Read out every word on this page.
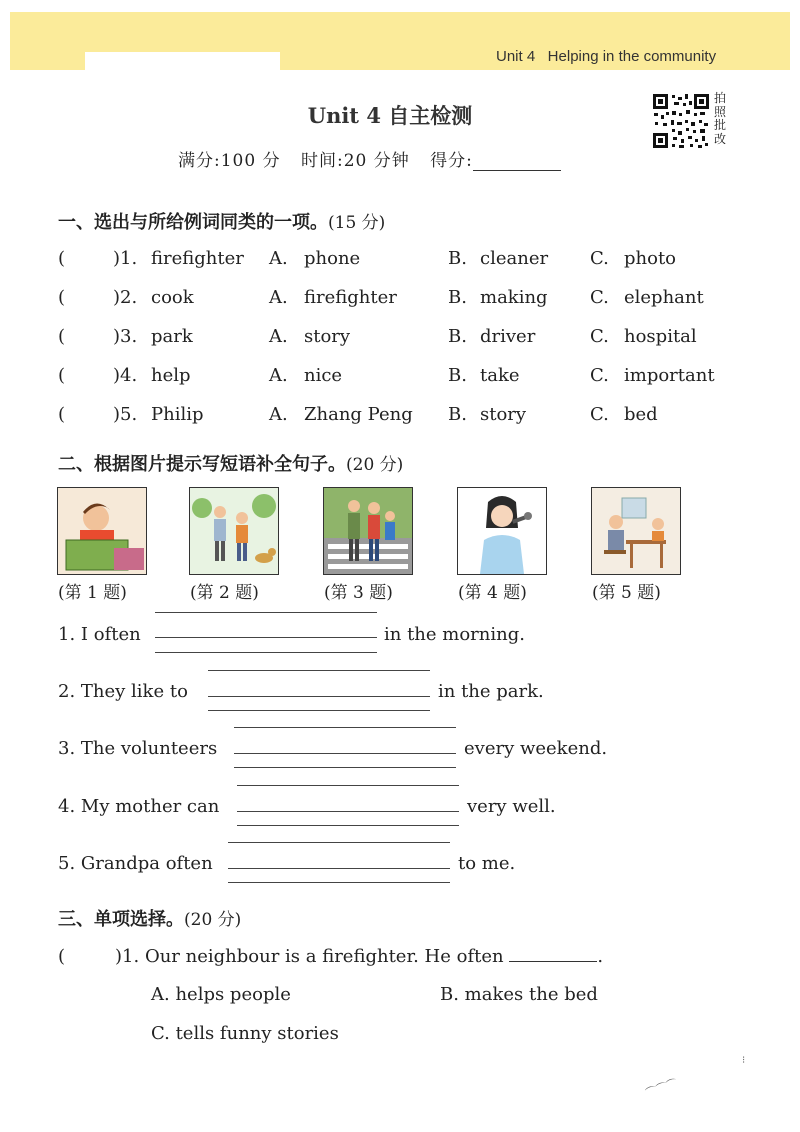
Unit 4   Helping in the community
Unit 4 自主检测
拍照批改
满分:100 分 时间:20 分钟 得分:
一、选出与所给例词同类的一项。(15 分)
(	)1. firefighter A. phone	B. cleaner C. photo
(	)2. cook	A. firefighter	B. making C. elephant
(	)3. park	A. story	B. driver	C. hospital
(	)4. help	A. nice	B. take	C. important
(	)5. Philip	A. Zhang Peng B. story	C. bed
二、根据图片提示写短语补全句子。(20 分)
(第 1 题)	(第 2 题)	(第 3 题)	(第 4 题)	(第 5 题)
1. I often	in the morning.
2. They like to	in the park.
3. The volunteers	every weekend.
4. My mother can	very well.
5. Grandpa often	to me.
三、单项选择。(20 分)
(	)1. Our neighbour is a firefighter. He often	.
A. helps people	B. makes the bed
C. tells funny stories
⌒⌒⌒
⁝
